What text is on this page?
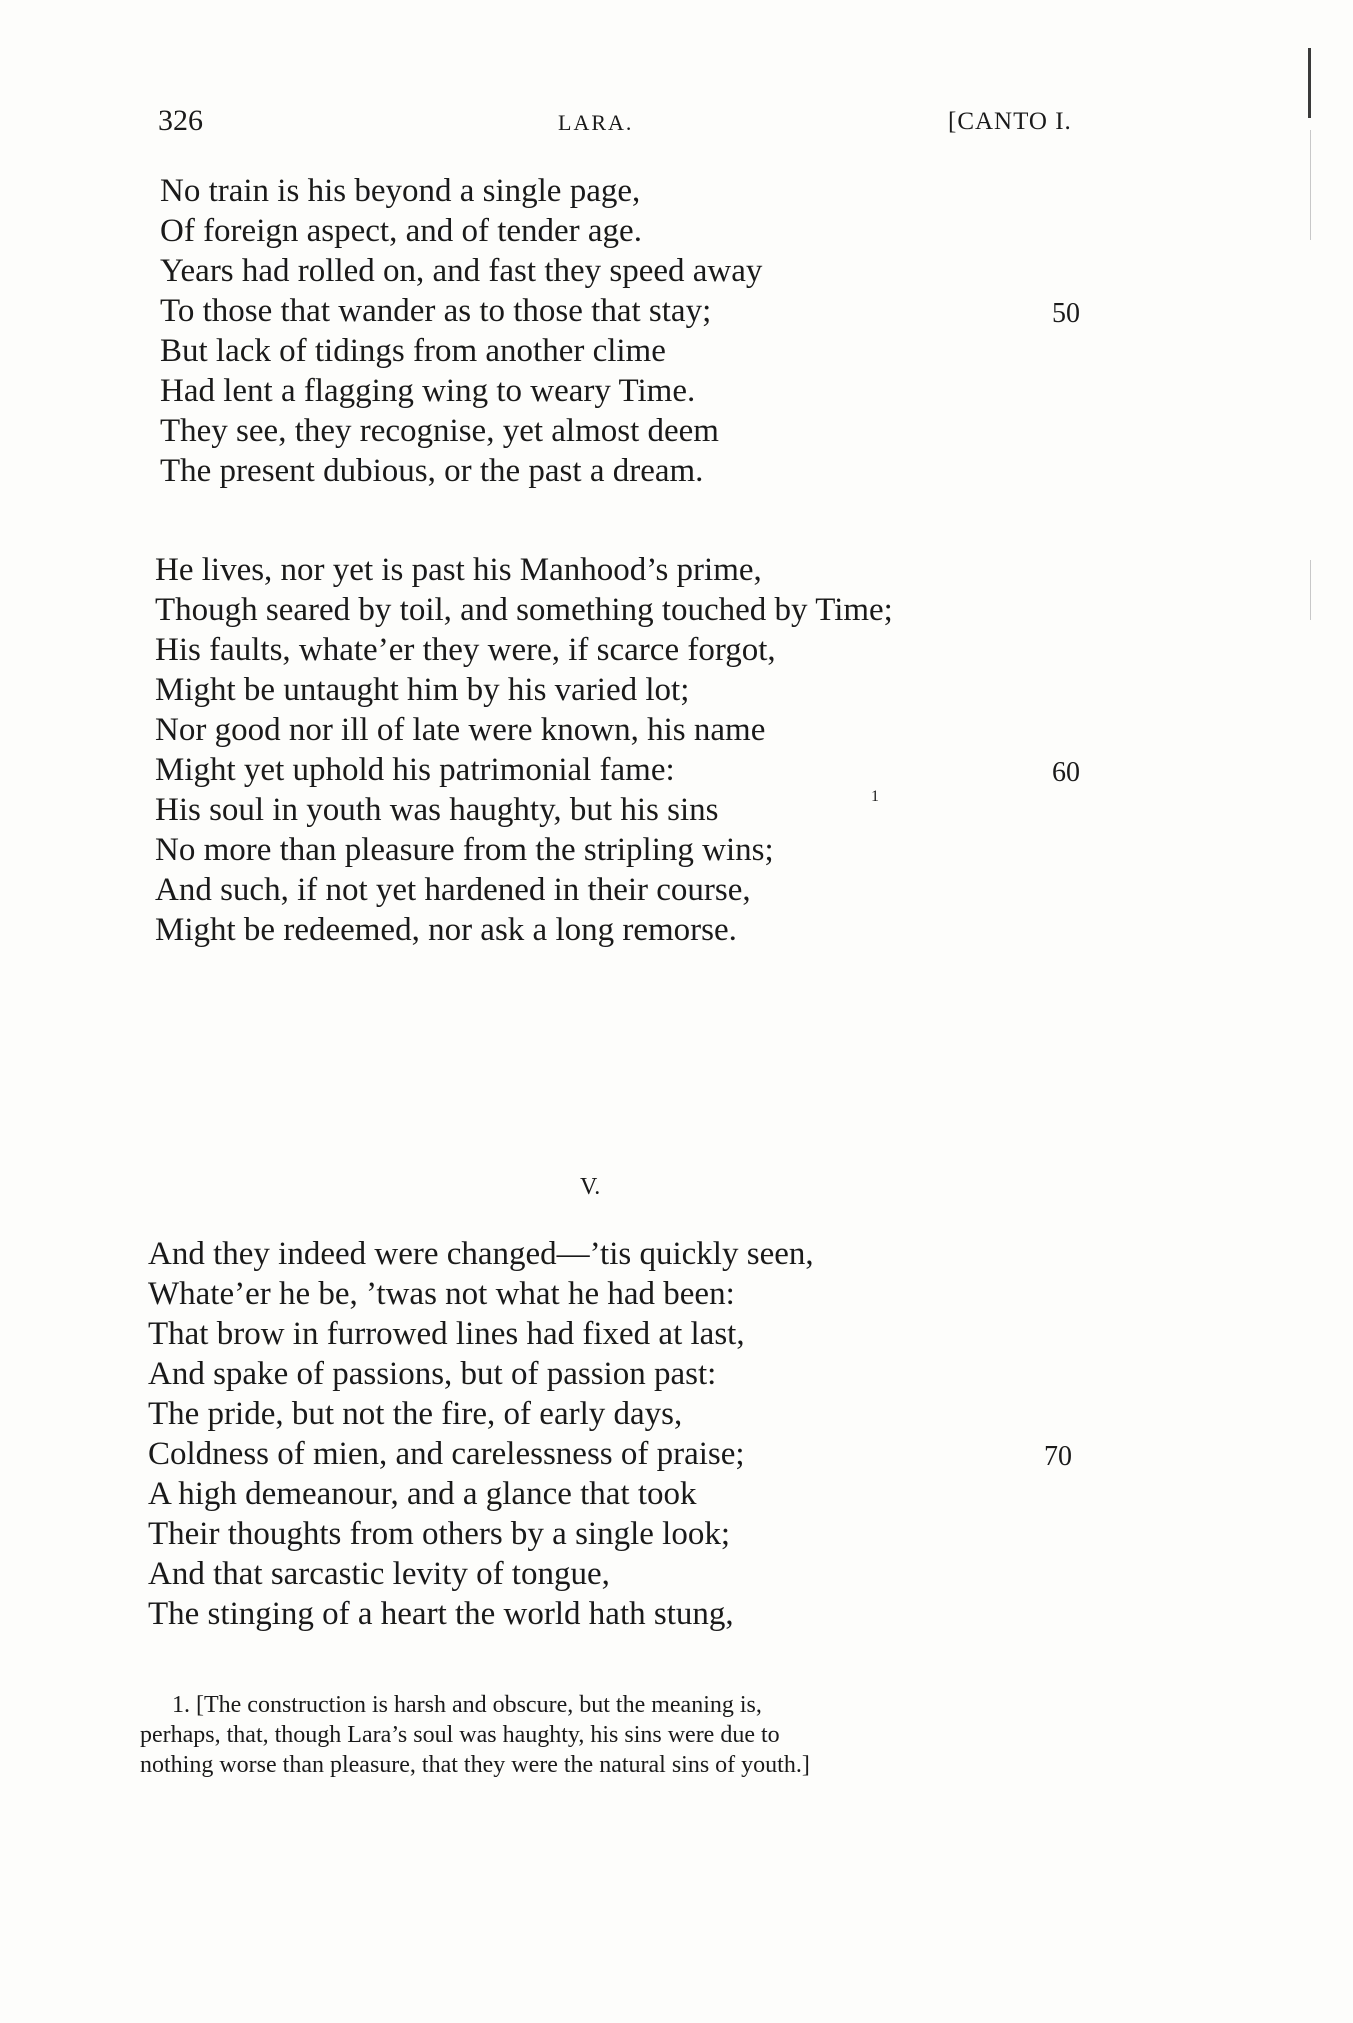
326	LARA.	[CANTO I.
No train is his beyond a single page,
Of foreign aspect, and of tender age.
Years had rolled on, and fast they speed away
To those that wander as to those that stay;	50
But lack of tidings from another clime
Had lent a flagging wing to weary Time.
They see, they recognise, yet almost deem
The present dubious, or the past a dream.
He lives, nor yet is past his Manhood’s prime,
Though seared by toil, and something touched by Time;
His faults, whate’er they were, if scarce forgot,
Might be untaught him by his varied lot;
Nor good nor ill of late were known, his name
Might yet uphold his patrimonial fame:	60
His soul in youth was haughty, but his sins	1
No more than pleasure from the stripling wins;
And such, if not yet hardened in their course,
Might be redeemed, nor ask a long remorse.
V.
And they indeed were changed—’tis quickly seen,
Whate’er he be, ’twas not what he had been:
That brow in furrowed lines had fixed at last,
And spake of passions, but of passion past:
The pride, but not the fire, of early days,
Coldness of mien, and carelessness of praise;	70
A high demeanour, and a glance that took
Their thoughts from others by a single look;
And that sarcastic levity of tongue,
The stinging of a heart the world hath stung,
1. [The construction is harsh and obscure, but the meaning is,
perhaps, that, though Lara’s soul was haughty, his sins were due to
nothing worse than pleasure, that they were the natural sins of youth.]
